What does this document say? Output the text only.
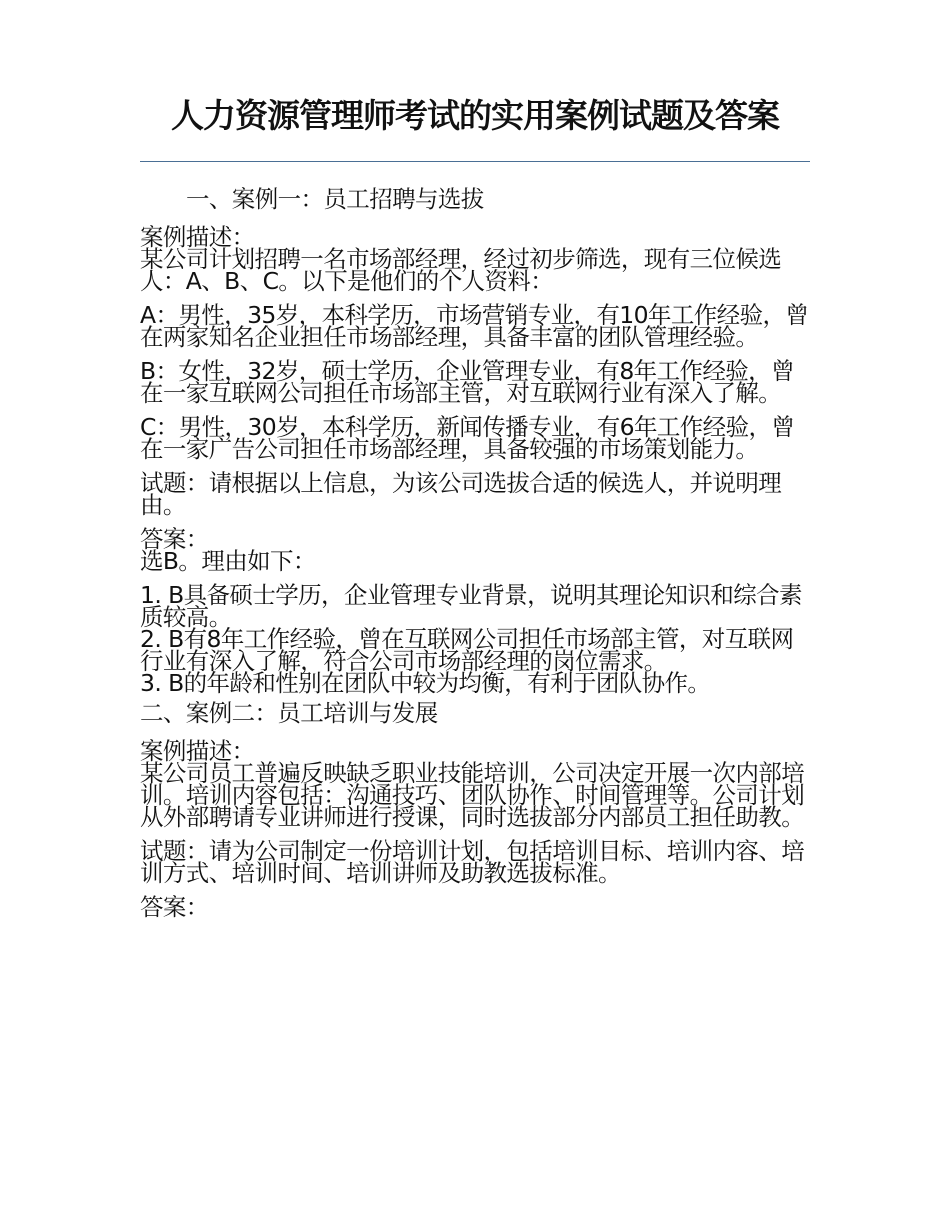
人力资源管理师考试的实用案例试题及答案

一、案例一：员工招聘与选拔

案例描述：

某公司计划招聘一名市场部经理，经过初步筛选，现有三位候选人：A、B、C。以下是他们的个人资料：

A：男性，35岁，本科学历，市场营销专业，有10年工作经验，曾在两家知名企业担任市场部经理，具备丰富的团队管理经验。

B：女性，32岁，硕士学历，企业管理专业，有8年工作经验，曾在一家互联网公司担任市场部主管，对互联网行业有深入了解。

C：男性，30岁，本科学历，新闻传播专业，有6年工作经验，曾在一家广告公司担任市场部经理，具备较强的市场策划能力。

试题：请根据以上信息，为该公司选拔合适的候选人，并说明理由。

答案：

选B。理由如下：

1. B具备硕士学历，企业管理专业背景，说明其理论知识和综合素质较高。

2. B有8年工作经验，曾在互联网公司担任市场部主管，对互联网行业有深入了解，符合公司市场部经理的岗位需求。

3. B的年龄和性别在团队中较为均衡，有利于团队协作。

二、案例二：员工培训与发展

案例描述：

某公司员工普遍反映缺乏职业技能培训，公司决定开展一次内部培训。培训内容包括：沟通技巧、团队协作、时间管理等。公司计划从外部聘请专业讲师进行授课，同时选拔部分内部员工担任助教。

试题：请为公司制定一份培训计划，包括培训目标、培训内容、培训方式、培训时间、培训讲师及助教选拔标准。

答案：
